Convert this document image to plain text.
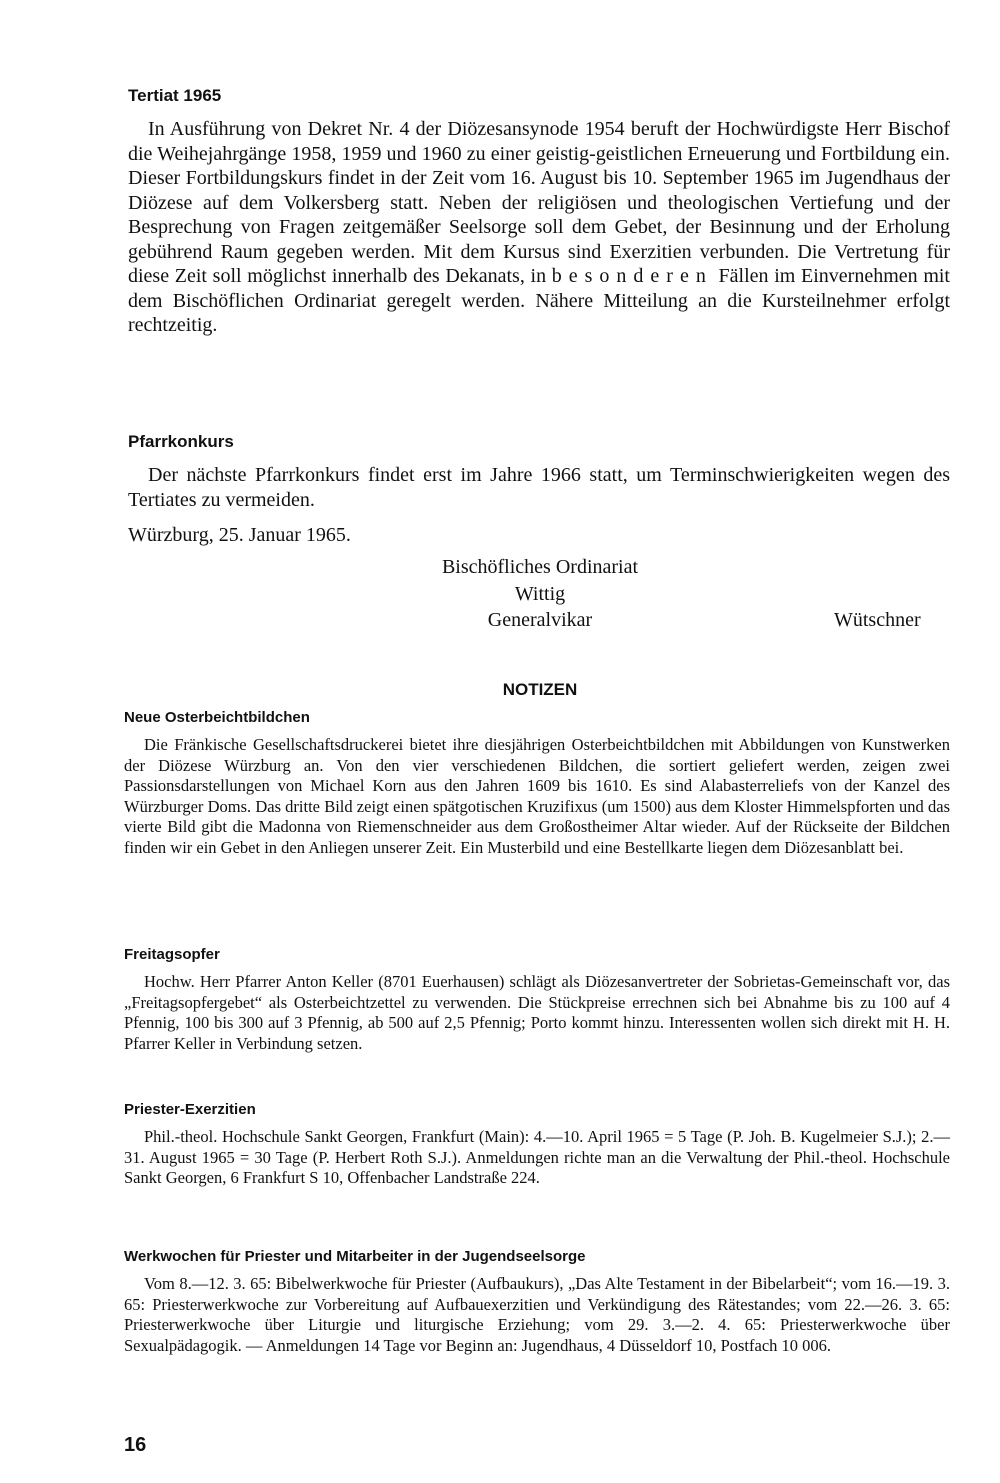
Tertiat 1965

In Ausführung von Dekret Nr. 4 der Diözesansynode 1954 beruft der Hochwürdigste Herr Bischof die Weihejahrgänge 1958, 1959 und 1960 zu einer geistig-geistlichen Erneuerung und Fortbildung ein. Dieser Fortbildungskurs findet in der Zeit vom 16. August bis 10. September 1965 im Jugendhaus der Diözese auf dem Volkersberg statt. Neben der religiösen und theologischen Vertiefung und der Besprechung von Fragen zeitgemäßer Seelsorge soll dem Gebet, der Besinnung und der Erholung gebührend Raum gegeben werden. Mit dem Kursus sind Exerzitien verbunden. Die Vertretung für diese Zeit soll möglichst innerhalb des Dekanats, in besonderen Fällen im Einvernehmen mit dem Bischöflichen Ordinariat geregelt werden. Nähere Mitteilung an die Kursteilnehmer erfolgt rechtzeitig.

Pfarrkonkurs

Der nächste Pfarrkonkurs findet erst im Jahre 1966 statt, um Terminschwierigkeiten wegen des Tertiates zu vermeiden.

Würzburg, 25. Januar 1965.

Bischöfliches Ordinariat

Wittig

Generalvikar	Wütschner

NOTIZEN
Neue Osterbeichtbildchen

Die Fränkische Gesellschaftsdruckerei bietet ihre diesjährigen Osterbeichtbildchen mit Abbildungen von Kunstwerken der Diözese Würzburg an. Von den vier verschiedenen Bildchen, die sortiert geliefert werden, zeigen zwei Passionsdarstellungen von Michael Korn aus den Jahren 1609 bis 1610. Es sind Alabasterreliefs von der Kanzel des Würzburger Doms. Das dritte Bild zeigt einen spätgotischen Kruzifixus (um 1500) aus dem Kloster Himmelspforten und das vierte Bild gibt die Madonna von Riemenschneider aus dem Großostheimer Altar wieder. Auf der Rückseite der Bildchen finden wir ein Gebet in den Anliegen unserer Zeit. Ein Musterbild und eine Bestellkarte liegen dem Diözesanblatt bei.

Freitagsopfer

Hochw. Herr Pfarrer Anton Keller (8701 Euerhausen) schlägt als Diözesanvertreter der Sobrietas-Gemeinschaft vor, das „Freitagsopfergebet“ als Osterbeichtzettel zu verwenden. Die Stückpreise errechnen sich bei Abnahme bis zu 100 auf 4 Pfennig, 100 bis 300 auf 3 Pfennig, ab 500 auf 2,5 Pfennig; Porto kommt hinzu. Interessenten wollen sich direkt mit H. H. Pfarrer Keller in Verbindung setzen.

Priester-Exerzitien

Phil.-theol. Hochschule Sankt Georgen, Frankfurt (Main): 4.—10. April 1965 = 5 Tage (P. Joh. B. Kugelmeier S.J.); 2.—31. August 1965 = 30 Tage (P. Herbert Roth S.J.). Anmeldungen richte man an die Verwaltung der Phil.-theol. Hochschule Sankt Georgen, 6 Frankfurt S 10, Offenbacher Landstraße 224.

Werkwochen für Priester und Mitarbeiter in der Jugendseelsorge

Vom 8.—12. 3. 65: Bibelwerkwoche für Priester (Aufbaukurs), „Das Alte Testament in der Bibelarbeit“; vom 16.—19. 3. 65: Priesterwerkwoche zur Vorbereitung auf Aufbauexerzitien und Verkündigung des Rätestandes; vom 22.—26. 3. 65: Priesterwerkwoche über Liturgie und liturgische Erziehung; vom 29. 3.—2. 4. 65: Priesterwerkwoche über Sexualpädagogik. — Anmeldungen 14 Tage vor Beginn an: Jugendhaus, 4 Düsseldorf 10, Postfach 10 006.

16
